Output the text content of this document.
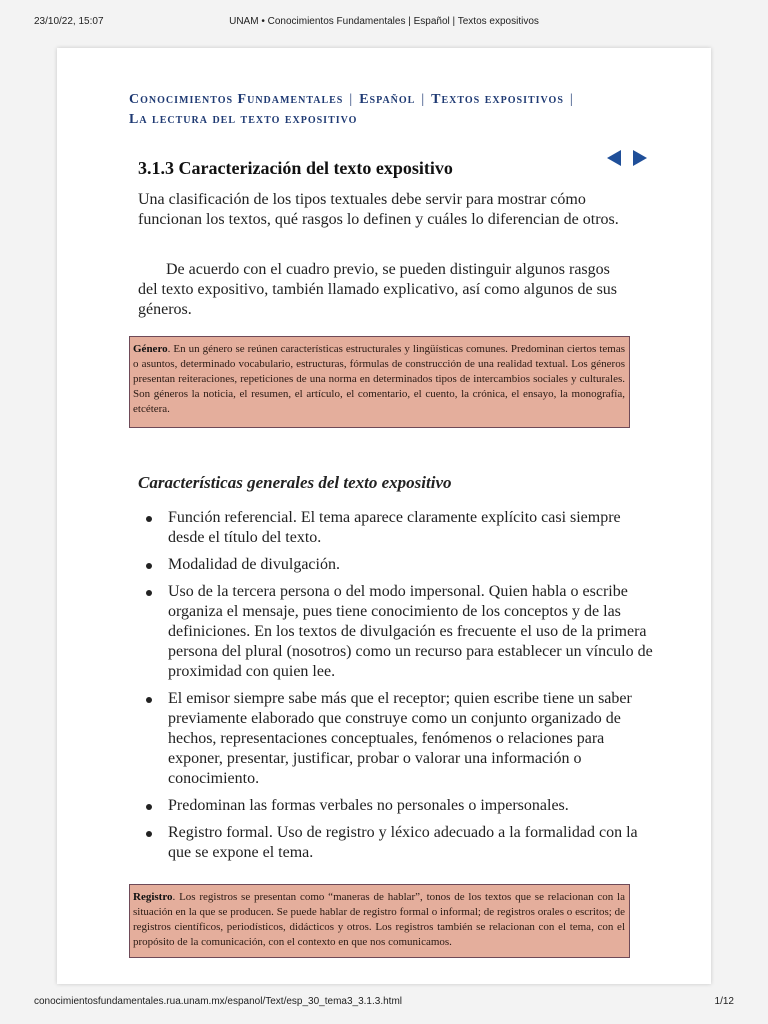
23/10/22, 15:07	UNAM • Conocimientos Fundamentales | Español | Textos expositivos
Conocimientos Fundamentales | Español | Textos expositivos |
La lectura del texto expositivo
3.1.3 Caracterización del texto expositivo

Una clasificación de los tipos textuales debe servir para mostrar cómo funcionan los textos, qué rasgos lo definen y cuáles lo diferencian de otros.

De acuerdo con el cuadro previo, se pueden distinguir algunos rasgos del texto expositivo, también llamado explicativo, así como algunos de sus géneros.

Género. En un género se reúnen características estructurales y lingüísticas comunes. Predominan ciertos temas o asuntos, determinado vocabulario, estructuras, fórmulas de construcción de una realidad textual. Los géneros presentan reiteraciones, repeticiones de una norma en determinados tipos de intercambios sociales y culturales. Son géneros la noticia, el resumen, el artículo, el comentario, el cuento, la crónica, el ensayo, la monografía, etcétera.
Características generales del texto expositivo
Función referencial. El tema aparece claramente explícito casi siempre desde el título del texto.
Modalidad de divulgación.
Uso de la tercera persona o del modo impersonal. Quien habla o escribe organiza el mensaje, pues tiene conocimiento de los conceptos y de las definiciones. En los textos de divulgación es frecuente el uso de la primera persona del plural (nosotros) como un recurso para establecer un vínculo de proximidad con quien lee.
El emisor siempre sabe más que el receptor; quien escribe tiene un saber previamente elaborado que construye como un conjunto organizado de hechos, representaciones conceptuales, fenómenos o relaciones para exponer, presentar, justificar, probar o valorar una información o conocimiento.
Predominan las formas verbales no personales o impersonales.
Registro formal. Uso de registro y léxico adecuado a la formalidad con la que se expone el tema.
Registro. Los registros se presentan como “maneras de hablar”, tonos de los textos que se relacionan con la situación en la que se producen. Se puede hablar de registro formal o informal; de registros orales o escritos; de registros científicos, periodísticos, didácticos y otros. Los registros también se relacionan con el tema, con el propósito de la comunicación, con el contexto en que nos comunicamos.
conocimientosfundamentales.rua.unam.mx/espanol/Text/esp_30_tema3_3.1.3.html	1/12
